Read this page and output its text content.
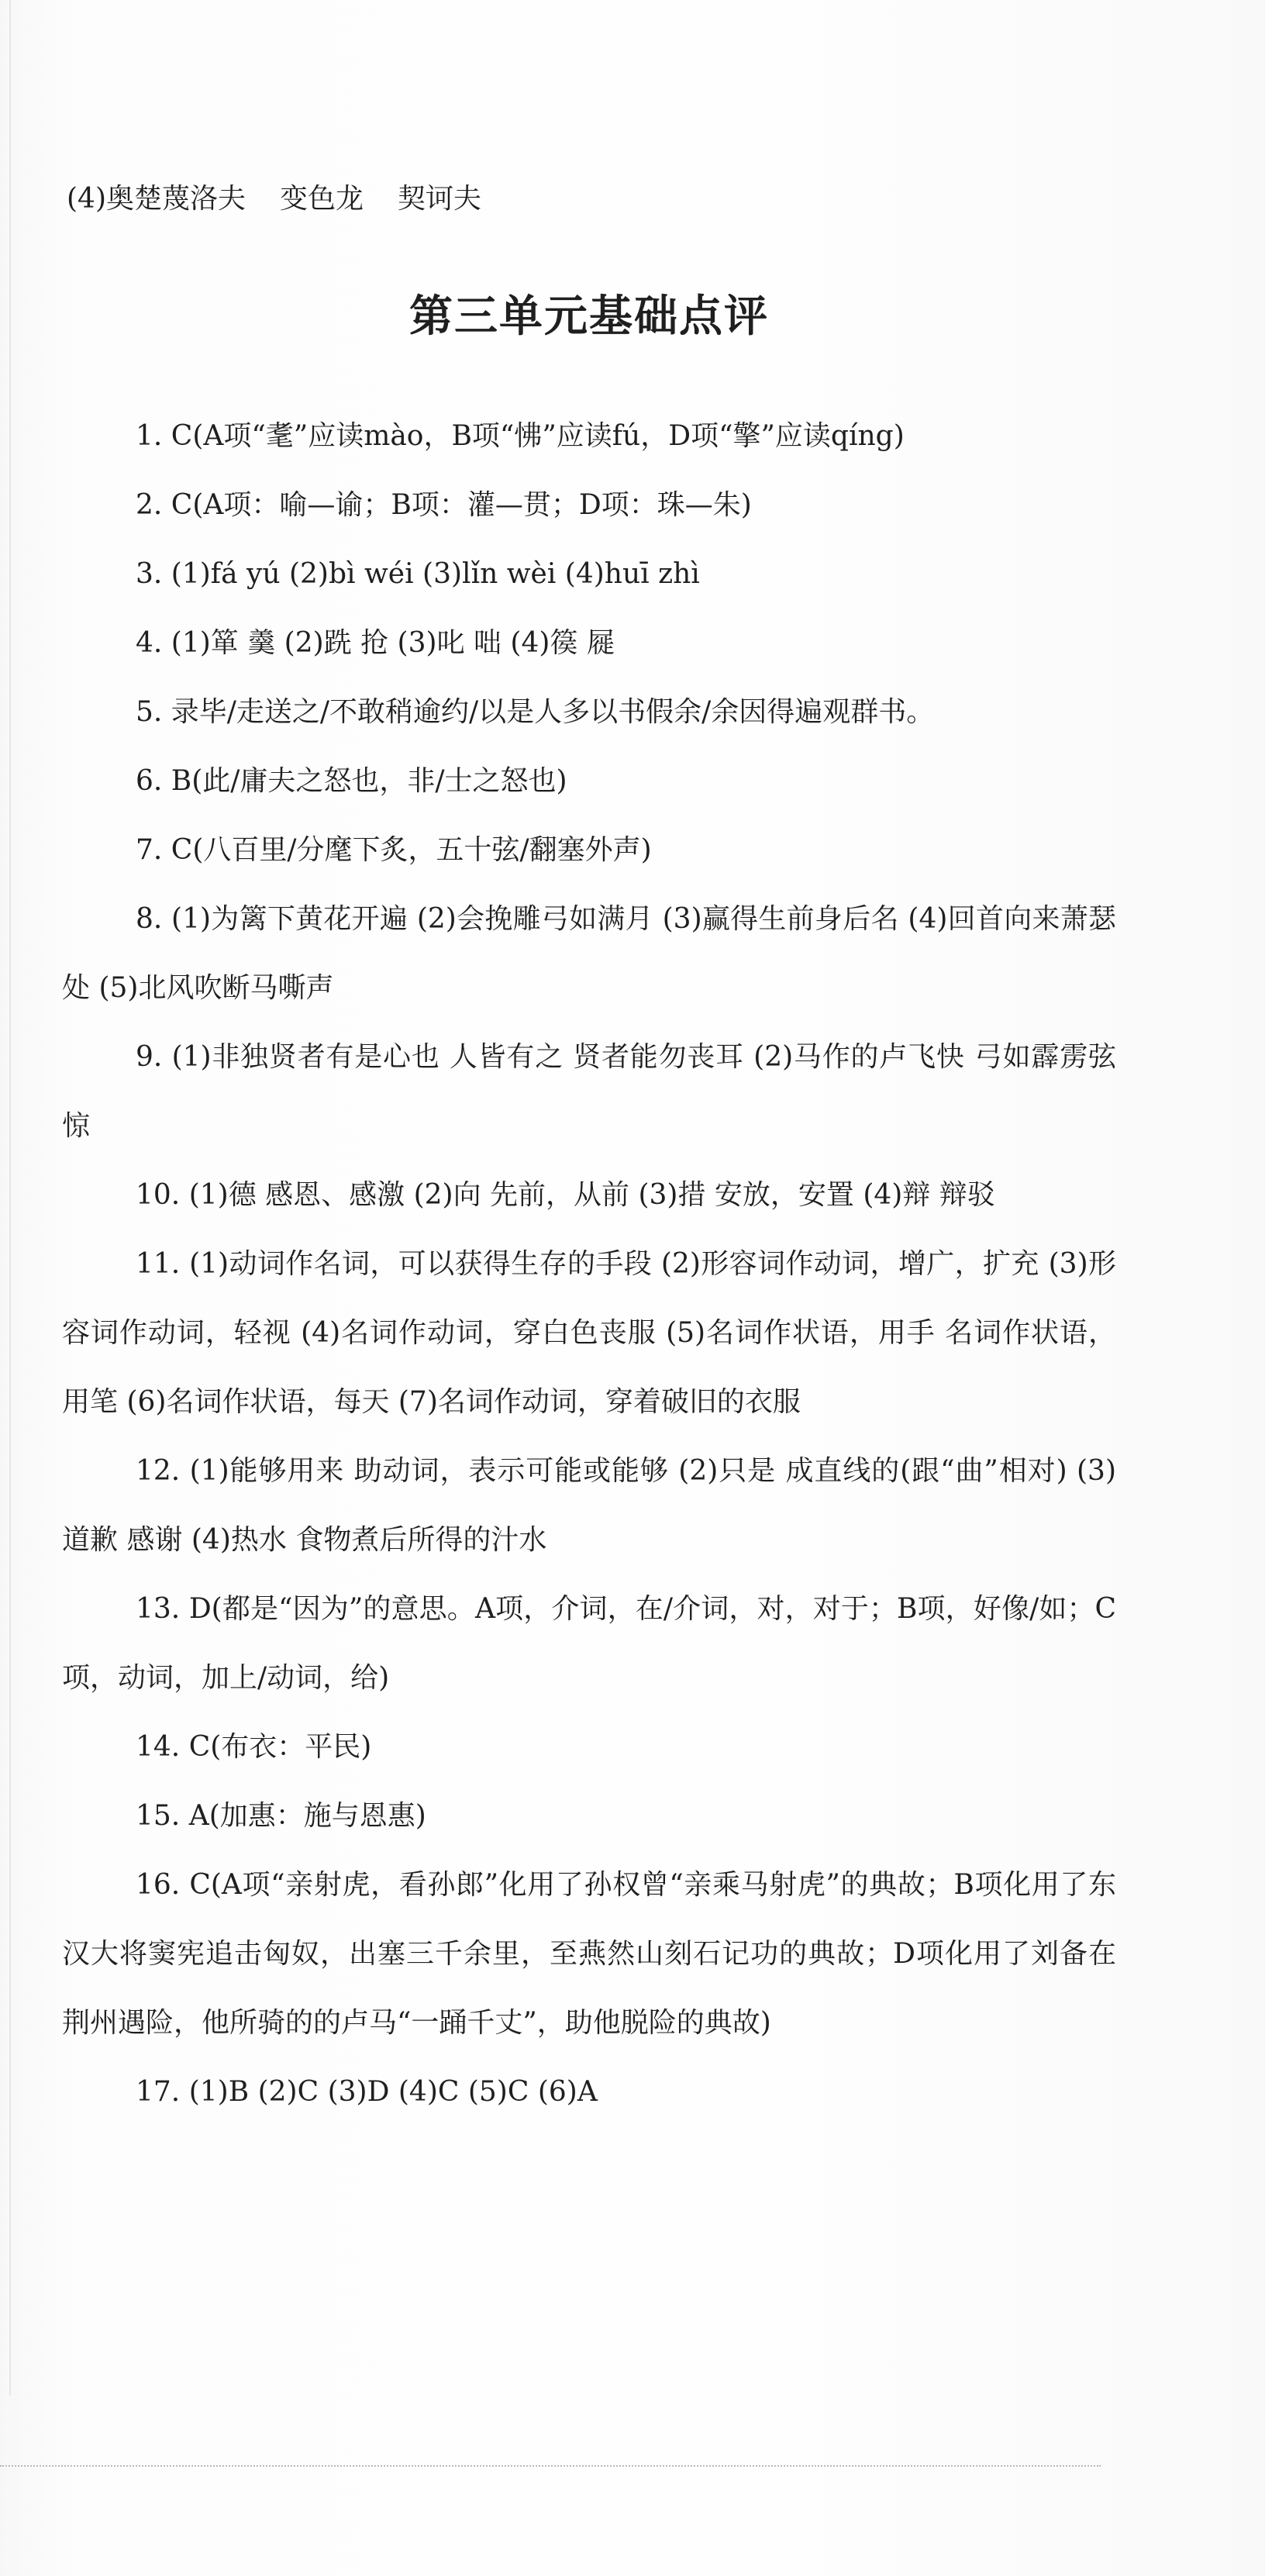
(4)奥楚蔑洛夫 变色龙 契诃夫
第三单元基础点评

1. C(A项“耄”应读mào，B项“怫”应读fú，D项“擎”应读qíng)

2. C(A项：喻—谕；B项：灌—贯；D项：珠—朱)

3. (1)fá yú (2)bì wéi (3)lǐn wèi (4)huī zhì

4. (1)箪 羹 (2)跣 抢 (3)叱 咄 (4)篌 屣

5. 录毕/走送之/不敢稍逾约/以是人多以书假余/余因得遍观群书。

6. B(此/庸夫之怒也，非/士之怒也)

7. C(八百里/分麾下炙，五十弦/翻塞外声)

8. (1)为篱下黄花开遍 (2)会挽雕弓如满月 (3)赢得生前身后名 (4)回首向来萧瑟处 (5)北风吹断马嘶声

9. (1)非独贤者有是心也 人皆有之 贤者能勿丧耳 (2)马作的卢飞快 弓如霹雳弦惊

10. (1)德 感恩、感激 (2)向 先前，从前 (3)措 安放，安置 (4)辩 辩驳

11. (1)动词作名词，可以获得生存的手段 (2)形容词作动词，增广，扩充 (3)形容词作动词，轻视 (4)名词作动词，穿白色丧服 (5)名词作状语，用手 名词作状语，用笔 (6)名词作状语，每天 (7)名词作动词，穿着破旧的衣服

12. (1)能够用来 助动词，表示可能或能够 (2)只是 成直线的(跟“曲”相对) (3)道歉 感谢 (4)热水 食物煮后所得的汁水

13. D(都是“因为”的意思。A项，介词，在/介词，对，对于；B项，好像/如；C项，动词，加上/动词，给)

14. C(布衣：平民)

15. A(加惠：施与恩惠)

16. C(A项“亲射虎，看孙郎”化用了孙权曾“亲乘马射虎”的典故；B项化用了东汉大将窦宪追击匈奴，出塞三千余里，至燕然山刻石记功的典故；D项化用了刘备在荆州遇险，他所骑的的卢马“一踊千丈”，助他脱险的典故)

17. (1)B (2)C (3)D (4)C (5)C (6)A
